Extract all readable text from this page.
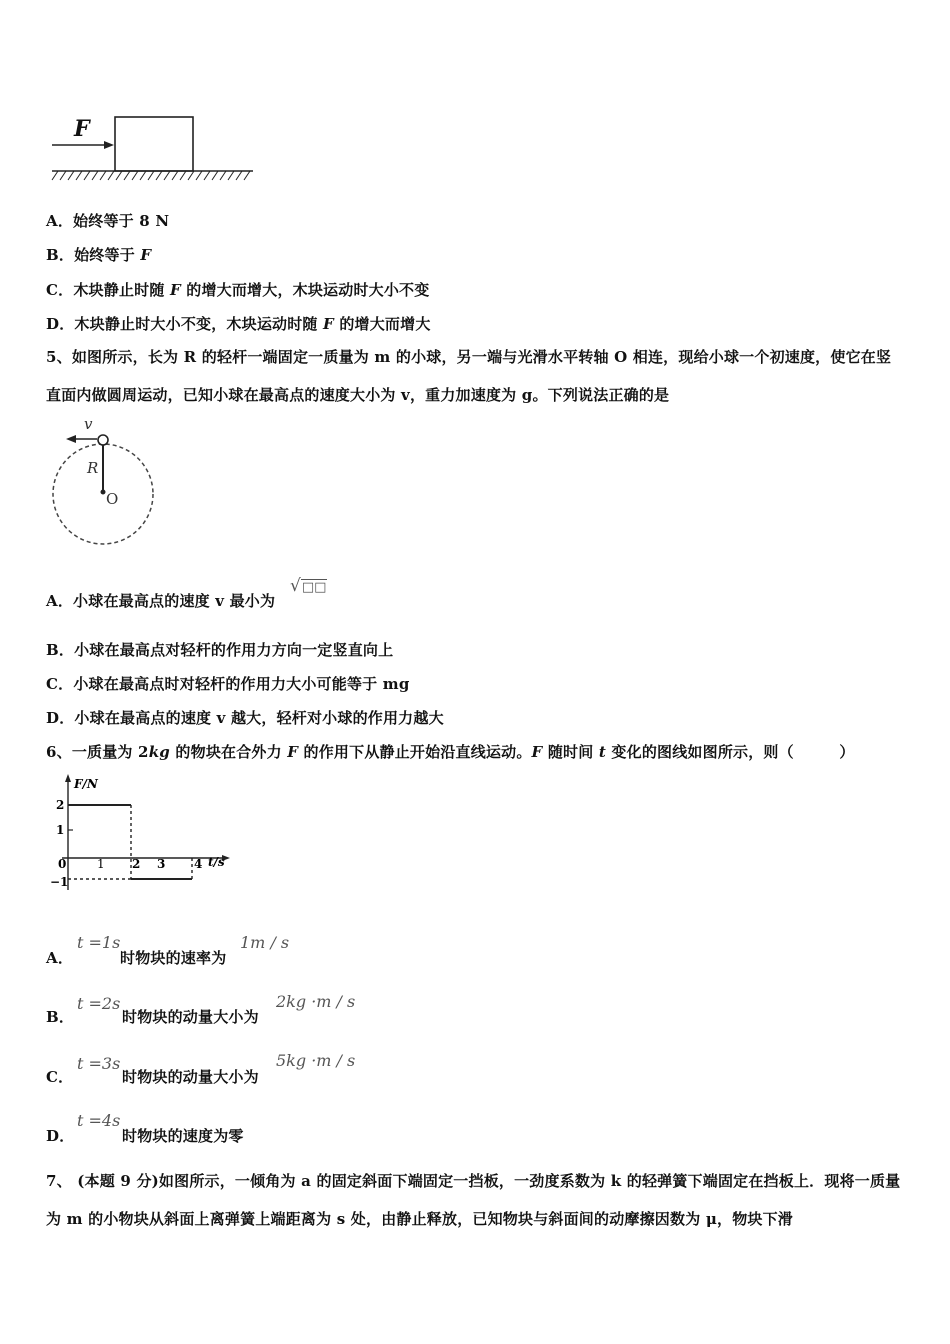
F
A．始终等于 8 N
B．始终等于 F
C．木块静止时随 F 的增大而增大，木块运动时大小不变
D．木块静止时大小不变，木块运动时随 F 的增大而增大
5、如图所示，长为 R 的轻杆一端固定一质量为 m 的小球，另一端与光滑水平转轴 O 相连，现给小球一个初速度，使它在竖直面内做圆周运动，已知小球在最高点的速度大小为 v，重力加速度为 g。下列说法正确的是
v
R
O
A．小球在最高点的速度 v 最小为
√□□
B．小球在最高点对轻杆的作用力方向一定竖直向上
C．小球在最高点时对轻杆的作用力大小可能等于 mg
D．小球在最高点的速度 v 越大，轻杆对小球的作用力越大
6、一质量为 2kg 的物块在合外力 F 的作用下从静止开始沿直线运动。F 随时间 t 变化的图线如图所示，则（　　　）
F/N
t/s
2
1
0
−1
1 2 3 4
A．
t =1s
时物块的速率为
1m / s
B．
t =2s
时物块的动量大小为
2kg ·m / s
C．
t =3s
时物块的动量大小为
5kg ·m / s
D．
t =4s
时物块的速度为零
7、 (本题 9 分)如图所示，一倾角为 a 的固定斜面下端固定一挡板，一劲度系数为 k 的轻弹簧下端固定在挡板上．现将一质量为 m 的小物块从斜面上离弹簧上端距离为 s 处，由静止释放，已知物块与斜面间的动摩擦因数为 μ，物块下滑
